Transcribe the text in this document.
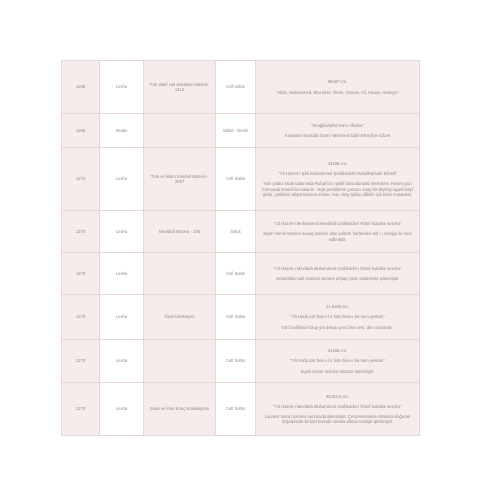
1269	Levha	Türk Vakıf Hat Sanatları Müzesi - 1412	Celî sülüs	98x87 cm.

“Allah, Muhammed, Ebu Bekr, Ömer, Osman, Ali, Hasan, Hüseyin”

1269	Kitabe		Sülüs - Nesih	“Sirağıllahülhe’nam-ı illalıne”

Kazasker Mustafa İzzet’e Mehmed Salih Efendi’ye ıcâzet

1272	Levha	Türk ve İslam Eserleri Müzesi - 2097	Celî Sülüs	44x96 cm.

“Yâ Hazret-i Şâh Muhammed Şehâbeddin Rufai/Rahvah Efendi”

Yazı yaldız sicak tabanında Ruhaf bir i-şarifi bulundurdaki metinlerle. Resim yazı formunda önemli bir tasarım. Yeşil perdeleme yaratıcı onay bir deyhtiyi ayarlı böyl gelişi, yetkilisin ahşat kartona mirası. Son olray tipikiy dâhilin için katılı müsadesi.

1270	Levha	Mevlânâ Müzesi - 106	Sülüs	“Yâ Hazret-i Muhammed Mevlânâ Celâleddin-i Rûmî kuddise sırruhu”

Siyah zemin üzerine sunuş üzerine altın yaldızlı harflerden tek ı ı ebruğu ile mea edilmiştir.

1270	Levha		Celî Sülüs	“Yâ Hazret-i Mevlânâ Muhammed Celâleddin-i Rûmî kuddise sırruhu”

Vetranlıkta siah zeminin üzerine ahşap yazılı kitabelerle işlenmiştir.

1270	Levha	Özel Koleksiyon	Celî Sülüs	21,6x69 cm.

“Yâ Hüda ictit fesu-i İ ir lıstrı fesu-ı lisi men yeslüm”

Türl Cediliksel Grup yrs dekalı çeini ûsni vesi, ahn cezaiinde.

1270	Levha		Celî Sülüs	31x65 cm.

“Yâ Hüda ictit fesu-i İ ir lıstrı fesu-ı lisi men yeslüm”

Siyah zemin üzerine sâsrazlı işlenmiştir.

1270	Levha	Suna ve İnan Kıraç Koleksiyonu	Celî Sülüs	92x53,5 cm.

“Yâ Hazret-i Mevlânâ Muhammed Celâleddin-i Rûmî kuddise sırruhu”

Lacivert zemin üzerine sarstrazla işlenmiştir. Çerçevelenden-ortalama doğuran köşelerinde iki-kürt fesinde sırasta altıran tezhipli işlenmiştir.
